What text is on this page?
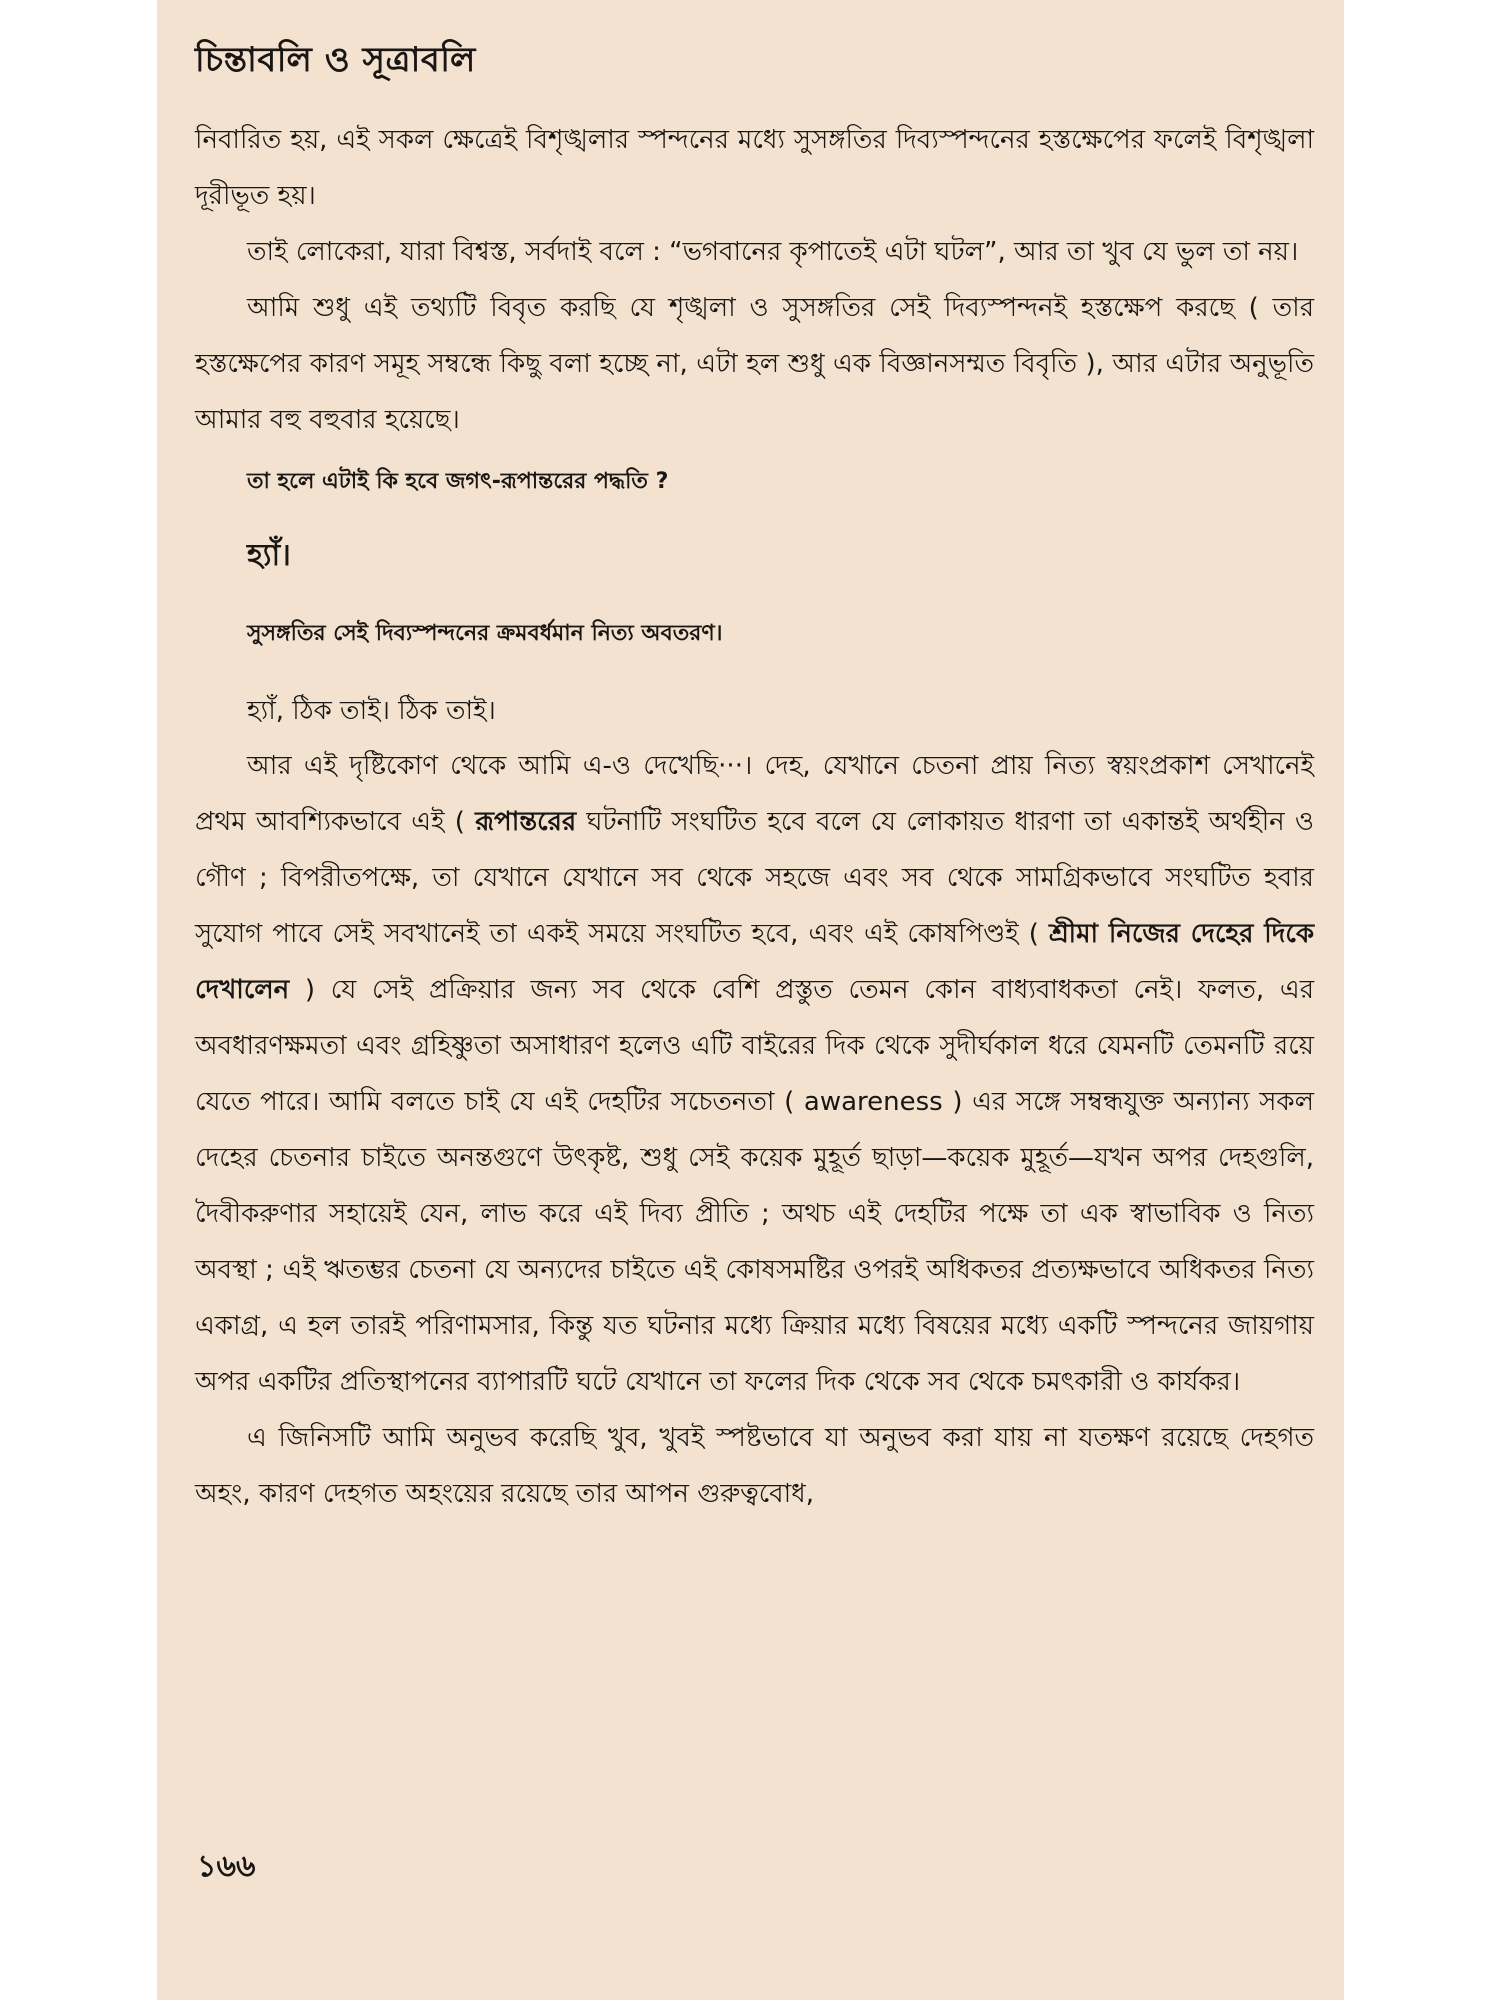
চিন্তাবলি ও সূত্রাবলি

নিবারিত হয়, এই সকল ক্ষেত্রেই বিশৃঙ্খলার স্পন্দনের মধ্যে সুসঙ্গতির দিব্যস্পন্দনের হস্তক্ষেপের ফলেই বিশৃঙ্খলা দূরীভূত হয়।

তাই লোকেরা, যারা বিশ্বস্ত, সর্বদাই বলে : “ভগবানের কৃপাতেই এটা ঘটল”, আর তা খুব যে ভুল তা নয়।

আমি শুধু এই তথ্যটি বিবৃত করছি যে শৃঙ্খলা ও সুসঙ্গতির সেই দিব্যস্পন্দনই হস্তক্ষেপ করছে ( তার হস্তক্ষেপের কারণ সমূহ সম্বন্ধে কিছু বলা হচ্ছে না, এটা হল শুধু এক বিজ্ঞানসম্মত বিবৃতি ), আর এটার অনুভূতি আমার বহু বহুবার হয়েছে।

তা হলে এটাই কি হবে জগৎ-রূপান্তরের পদ্ধতি ?

হ্যাঁ।

সুসঙ্গতির সেই দিব্যস্পন্দনের ক্রমবর্ধমান নিত্য অবতরণ।

হ্যাঁ, ঠিক তাই। ঠিক তাই।

আর এই দৃষ্টিকোণ থেকে আমি এ-ও দেখেছি···। দেহ, যেখানে চেতনা প্রায় নিত্য স্বয়ংপ্রকাশ সেখানেই প্রথম আবশ্যিকভাবে এই ( রূপান্তরের ঘটনাটি সংঘটিত হবে বলে যে লোকায়ত ধারণা তা একান্তই অর্থহীন ও গৌণ ; বিপরীতপক্ষে, তা যেখানে যেখানে সব থেকে সহজে এবং সব থেকে সামগ্রিকভাবে সংঘটিত হবার সুযোগ পাবে সেই সবখানেই তা একই সময়ে সংঘটিত হবে, এবং এই কোষপিণ্ডই ( শ্রীমা নিজের দেহের দিকে দেখালেন ) যে সেই প্রক্রিয়ার জন্য সব থেকে বেশি প্রস্তুত তেমন কোন বাধ্যবাধকতা নেই। ফলত, এর অবধারণক্ষমতা এবং গ্রহিষ্ণুতা অসাধারণ হলেও এটি বাইরের দিক থেকে সুদীর্ঘকাল ধরে যেমনটি তেমনটি রয়ে যেতে পারে। আমি বলতে চাই যে এই দেহটির সচেতনতা ( awareness ) এর সঙ্গে সম্বন্ধযুক্ত অন্যান্য সকল দেহের চেতনার চাইতে অনন্তগুণে উৎকৃষ্ট, শুধু সেই কয়েক মুহূর্ত ছাড়া—কয়েক মুহূর্ত—যখন অপর দেহগুলি, দৈবীকরুণার সহায়েই যেন, লাভ করে এই দিব্য প্রীতি ; অথচ এই দেহটির পক্ষে তা এক স্বাভাবিক ও নিত্য অবস্থা ; এই ঋতম্ভর চেতনা যে অন্যদের চাইতে এই কোষসমষ্টির ওপরই অধিকতর প্রত্যক্ষভাবে অধিকতর নিত্য একাগ্র, এ হল তারই পরিণামসার, কিন্তু যত ঘটনার মধ্যে ক্রিয়ার মধ্যে বিষয়ের মধ্যে একটি স্পন্দনের জায়গায় অপর একটির প্রতিস্থাপনের ব্যাপারটি ঘটে যেখানে তা ফলের দিক থেকে সব থেকে চমৎকারী ও কার্যকর।

এ জিনিসটি আমি অনুভব করেছি খুব, খুবই স্পষ্টভাবে যা অনুভব করা যায় না যতক্ষণ রয়েছে দেহগত অহং, কারণ দেহগত অহংয়ের রয়েছে তার আপন গুরুত্ববোধ,

১৬৬
